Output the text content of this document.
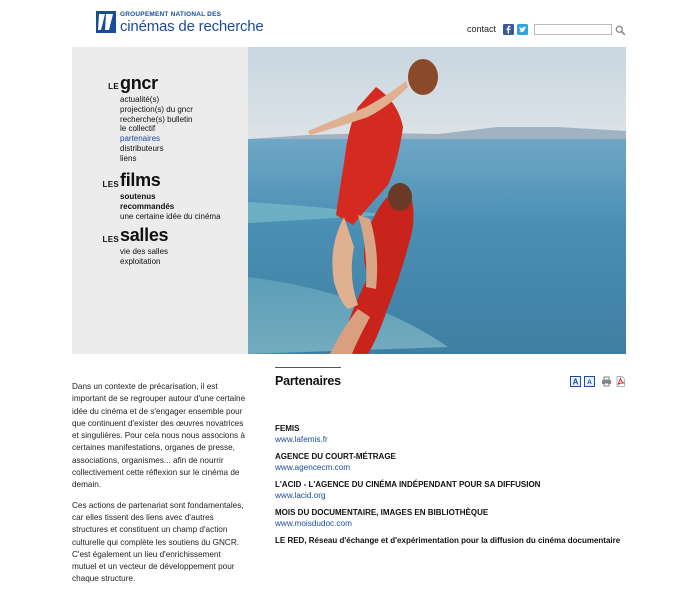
GROUPEMENT NATIONAL DES
cinémas de recherche	contact
LE gncr
actualité(s)
projection(s) du gncr
recherche(s) bulletin
le collectif
partenaires
distributeurs
liens
LES films
soutenus
recommandés
une certaine idée du cinéma
LES salles
vie des salles
exploitation

Dans un contexte de précarisation, il est important de se regrouper autour d'une certaine idée du cinéma et de s'engager ensemble pour que continuent d'exister des œuvres novatrices et singulières. Pour cela nous nous associons à certaines manifestations, organes de presse, associations, organismes... afin de nourrir collectivement cette réflexion sur le cinéma de demain.

Ces actions de partenariat sont fondamentales, car elles tissent des liens avec d'autres structures et constituent un champ d'action culturelle qui complète les soutiens du GNCR. C'est également un lieu d'enrichissement mutuel et un vecteur de développement pour chaque structure.

Partenaires	A A
FEMIS
www.lafemis.fr
AGENCE DU COURT-MÉTRAGE
www.agencecm.com
L'ACID - L'AGENCE DU CINÉMA INDÉPENDANT POUR SA DIFFUSION
www.lacid.org
MOIS DU DOCUMENTAIRE, IMAGES EN BIBLIOTHÈQUE
www.moisdudoc.com
LE RED, Réseau d'échange et d'expérimentation pour la diffusion du cinéma documentaire
